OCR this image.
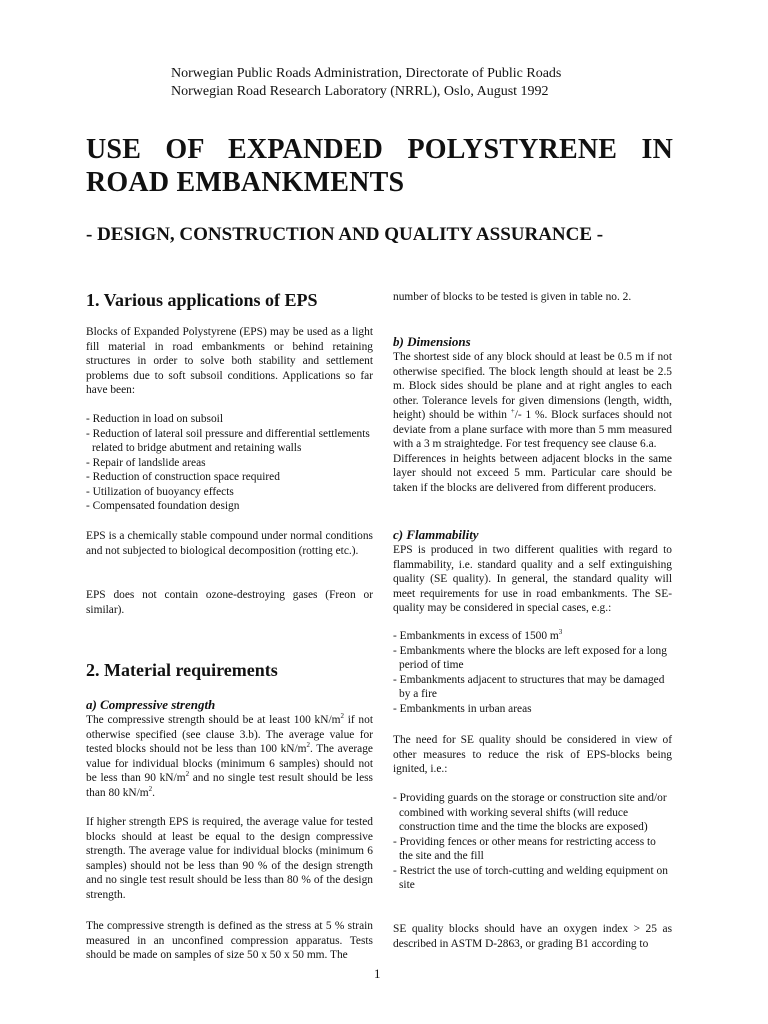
Norwegian Public Roads Administration, Directorate of Public Roads
Norwegian Road Research Laboratory (NRRL), Oslo, August 1992
USE OF EXPANDED POLYSTYRENE IN
ROAD EMBANKMENTS
- DESIGN, CONSTRUCTION AND QUALITY ASSURANCE -
1. Various applications of EPS

Blocks of Expanded Polystyrene (EPS) may be used as a light fill material in road embankments or behind retaining structures in order to solve both stability and settlement problems due to soft subsoil conditions. Applications so far have been:

- Reduction in load on subsoil
- Reduction of lateral soil pressure and differential settlements related to bridge abutment and retaining walls
- Repair of landslide areas
- Reduction of construction space required
- Utilization of buoyancy effects
- Compensated foundation design

EPS is a chemically stable compound under normal conditions and not subjected to biological decomposition (rotting etc.).

EPS does not contain ozone-destroying gases (Freon or similar).

2. Material requirements
a) Compressive strength

The compressive strength should be at least 100 $kN/m^2$ if not otherwise specified (see clause 3.b). The average value for tested blocks should not be less than 100 $kN/m^2$. The average value for individual blocks (minimum 6 samples) should not be less than 90 $kN/m^2$ and no single test result should be less than 80 $kN/m^2$.

If higher strength EPS is required, the average value for tested blocks should at least be equal to the design compressive strength. The average value for individual blocks (minimum 6 samples) should not be less than 90 % of the design strength and no single test result should be less than 80 % of the design strength.

The compressive strength is defined as the stress at 5 % strain measured in an unconfined compression apparatus. Tests should be made on samples of size 50 x 50 x 50 mm. The

number of blocks to be tested is given in table no. 2.

b) Dimensions

The shortest side of any block should at least be 0.5 m if not otherwise specified. The block length should at least be 2.5 m. Block sides should be plane and at right angles to each other. Tolerance levels for given dimensions (length, width, height) should be within +/- 1 %. Block surfaces should not deviate from a plane surface with more than 5 mm measured with a 3 m straightedge. For test frequency see clause 6.a.

Differences in heights between adjacent blocks in the same layer should not exceed 5 mm. Particular care should be taken if the blocks are delivered from different producers.

c) Flammability

EPS is produced in two different qualities with regard to flammability, i.e. standard quality and a self extinguishing quality (SE quality). In general, the standard quality will meet requirements for use in road embankments. The SE-quality may be considered in special cases, e.g.:

- Embankments in excess of 1500 $m^3$
- Embankments where the blocks are left exposed for a long period of time
- Embankments adjacent to structures that may be damaged by a fire
- Embankments in urban areas

The need for SE quality should be considered in view of other measures to reduce the risk of EPS-blocks being ignited, i.e.:

- Providing guards on the storage or construction site and/or combined with working several shifts (will reduce construction time and the time the blocks are exposed)
- Providing fences or other means for restricting access to the site and the fill
- Restrict the use of torch-cutting and welding equipment on site

SE quality blocks should have an oxygen index > 25 as described in ASTM D-2863, or grading B1 according to

1
